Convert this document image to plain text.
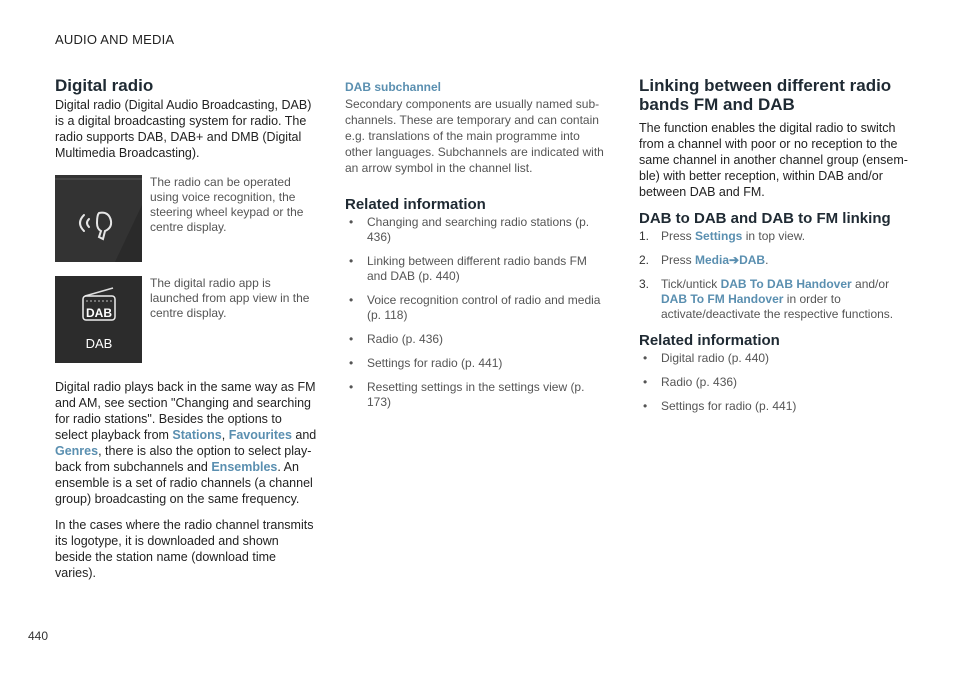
AUDIO AND MEDIA
Digital radio

Digital radio (Digital Audio Broadcasting, DAB) is a digital broadcasting system for radio. The radio supports DAB, DAB+ and DMB (Digital Multimedia Broadcasting).

The radio can be operated using voice recognition, the steering wheel keypad or the centre display.
DAB
DAB
The digital radio app is launched from app view in the centre display.

Digital radio plays back in the same way as FM and AM, see section "Changing and searching for radio stations". Besides the options to select playback from Stations, Favourites and Genres, there is also the option to select play-back from subchannels and Ensembles. An ensemble is a set of radio channels (a channel group) broadcasting on the same frequency.

In the cases where the radio channel transmits its logotype, it is downloaded and shown beside the station name (download time varies).

DAB subchannel

Secondary components are usually named sub-channels. These are temporary and can contain e.g. translations of the main programme into other languages. Subchannels are indicated with an arrow symbol in the channel list.

Related information
• Changing and searching radio stations (p. 436)
• Linking between different radio bands FM and DAB (p. 440)
• Voice recognition control of radio and media (p. 118)
• Radio (p. 436)
• Settings for radio (p. 441)
• Resetting settings in the settings view (p. 173)
Linking between different radio bands FM and DAB

The function enables the digital radio to switch from a channel with poor or no reception to the same channel in another channel group (ensem-ble) with better reception, within DAB and/or between DAB and FM.

DAB to DAB and DAB to FM linking
1. Press Settings in top view.
2. Press Media➔DAB.
3. Tick/untick DAB To DAB Handover and/or DAB To FM Handover in order to activate/deactivate the respective functions.
Related information
• Digital radio (p. 440)
• Radio (p. 436)
• Settings for radio (p. 441)
440
